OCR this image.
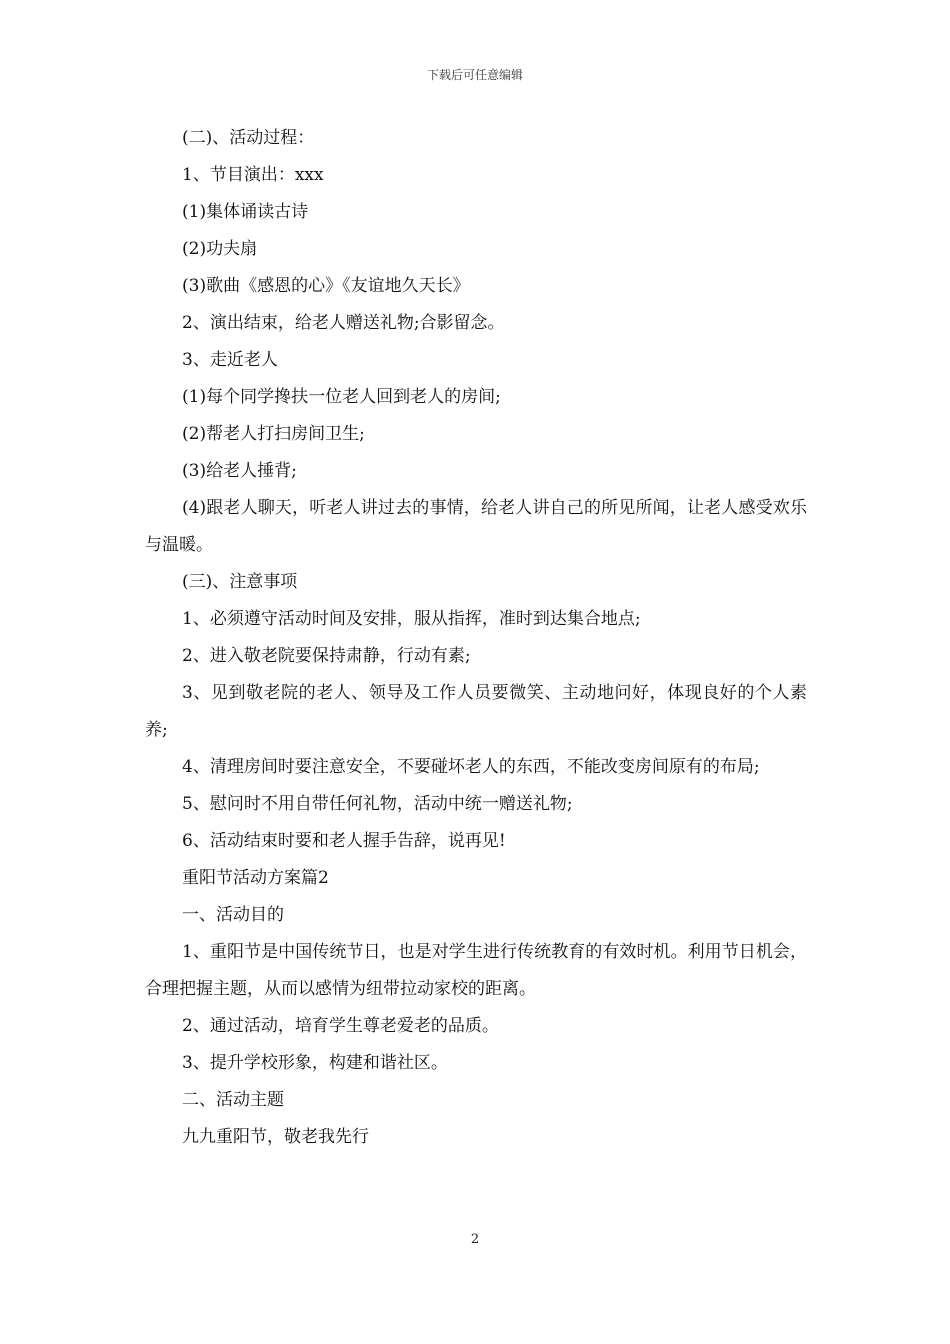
下载后可任意编辑

(二)、活动过程：

1、节目演出：xxx

(1)集体诵读古诗

(2)功夫扇

(3)歌曲《感恩的心》《友谊地久天长》

2、演出结束，给老人赠送礼物;合影留念。

3、走近老人

(1)每个同学搀扶一位老人回到老人的房间;

(2)帮老人打扫房间卫生;

(3)给老人捶背;

(4)跟老人聊天，听老人讲过去的事情，给老人讲自己的所见所闻，让老人感受欢乐与温暖。

(三)、注意事项

1、必须遵守活动时间及安排，服从指挥，准时到达集合地点;

2、进入敬老院要保持肃静，行动有素;

3、见到敬老院的老人、领导及工作人员要微笑、主动地问好，体现良好的个人素养;

4、清理房间时要注意安全，不要碰坏老人的东西，不能改变房间原有的布局;

5、慰问时不用自带任何礼物，活动中统一赠送礼物;

6、活动结束时要和老人握手告辞，说再见!

重阳节活动方案篇2

一、活动目的

1、重阳节是中国传统节日，也是对学生进行传统教育的有效时机。利用节日机会，合理把握主题，从而以感情为纽带拉动家校的距离。

2、通过活动，培育学生尊老爱老的品质。

3、提升学校形象，构建和谐社区。

二、活动主题

九九重阳节，敬老我先行

2
